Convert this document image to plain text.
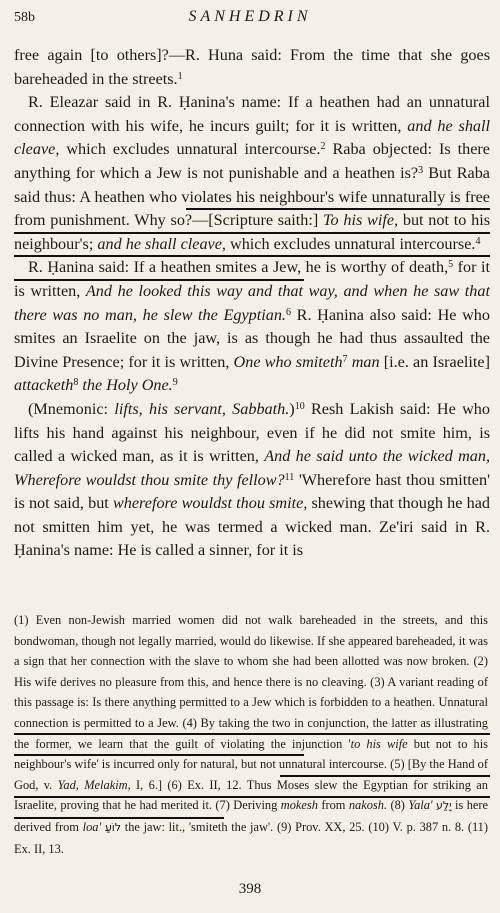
58b	SANHEDRIN

free again [to others]?—R. Huna said: From the time that she goes bareheaded in the streets.$^1$

R. Eleazar said in R. Ḥanina's name: If a heathen had an unnatural connection with his wife, he incurs guilt; for it is written, and he shall cleave, which excludes unnatural intercourse.$^2$ Raba objected: Is there anything for which a Jew is not punishable and a heathen is?$^3$ But Raba said thus: A heathen who violates his neighbour's wife unnaturally is free from punishment. Why so?—[Scripture saith:] To his wife, but not to his neighbour's; and he shall cleave, which excludes unnatural intercourse.$^4$

R. Ḥanina said: If a heathen smites a Jew, he is worthy of death,$^5$ for it is written, And he looked this way and that way, and when he saw that there was no man, he slew the Egyptian.$^6$ R. Ḥanina also said: He who smites an Israelite on the jaw, is as though he had thus assaulted the Divine Presence; for it is written, One who smiteth$^7$ man [i.e. an Israelite] attacketh$^8$ the Holy One.$^9$

(Mnemonic: lifts, his servant, Sabbath.)$^{10}$ Resh Lakish said: He who lifts his hand against his neighbour, even if he did not smite him, is called a wicked man, as it is written, And he said unto the wicked man, Wherefore wouldst thou smite thy fellow?$^{11}$ 'Wherefore hast thou smitten' is not said, but wherefore wouldst thou smite, shewing that though he had not smitten him yet, he was termed a wicked man. Ze'iri said in R. Ḥanina's name: He is called a sinner, for it is

(1) Even non-Jewish married women did not walk bareheaded in the streets, and this bondwoman, though not legally married, would do likewise. If she appeared bareheaded, it was a sign that her connection with the slave to whom she had been allotted was now broken. (2) His wife derives no pleasure from this, and hence there is no cleaving. (3) A variant reading of this passage is: Is there anything permitted to a Jew which is forbidden to a heathen. Unnatural connection is permitted to a Jew. (4) By taking the two in conjunction, the latter as illustrating the former, we learn that the guilt of violating the injunction 'to his wife but not to his neighbour's wife' is incurred only for natural, but not unnatural intercourse. (5) [By the Hand of God, v. Yad, Melakim, I, 6.] (6) Ex. II, 12. Thus Moses slew the Egyptian for striking an Israelite, proving that he had merited it. (7) Deriving mokesh from nakosh. (8) Yala' יָלַע is here derived from loa' לוֹעַ the jaw: lit., 'smiteth the jaw'. (9) Prov. XX, 25. (10) V. p. 387 n. 8. (11) Ex. II, 13.

398
